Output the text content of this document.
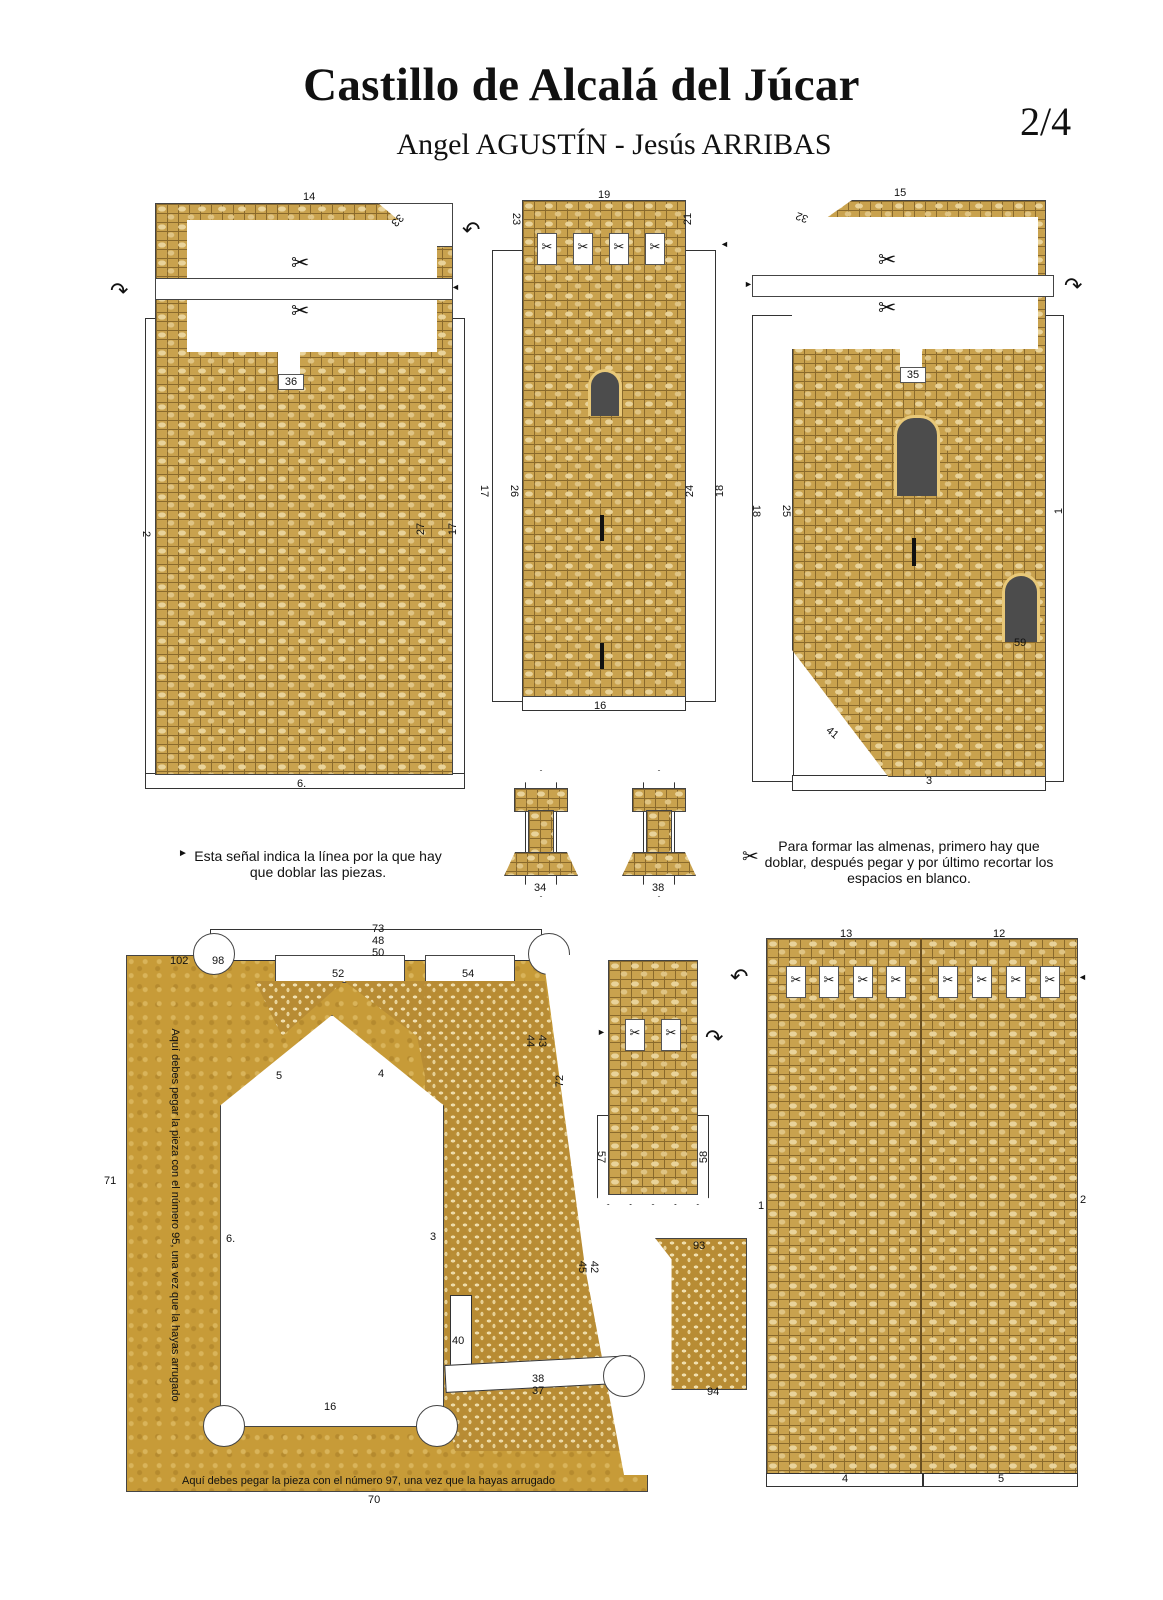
Castillo de Alcalá del Júcar
Angel AGUSTÍN - Jesús ARRIBAS
2/4
14
33
✂
✂
36
2	27 17
6.
↷	◄
✂	✂	✂	✂
19
23	21
17 26	24 18
16
↶
◄
15
32
✂
✂
35
59
18 25	1
41
3
↷
►
34	38
► Esta señal indica la línea por la que hay que doblar las piezas.
✂	Para formar las almenas, primero hay que doblar, después pegar y por último recortar los espacios en blanco.
73
48
50
102 98
52	54
5	4
44 43
72
71
6.	3
45 42
40
38
37
16
70
Aquí debes pegar la pieza con el número 95, una vez que la hayas arrugado
Aquí debes pegar la pieza con el número 97, una vez que la hayas arrugado
✂	✂
57	58
↷
►
93
94
✂	✂	✂	✂	✂	✂	✂	✂
13	12
1	2
4	5
↶	◄
